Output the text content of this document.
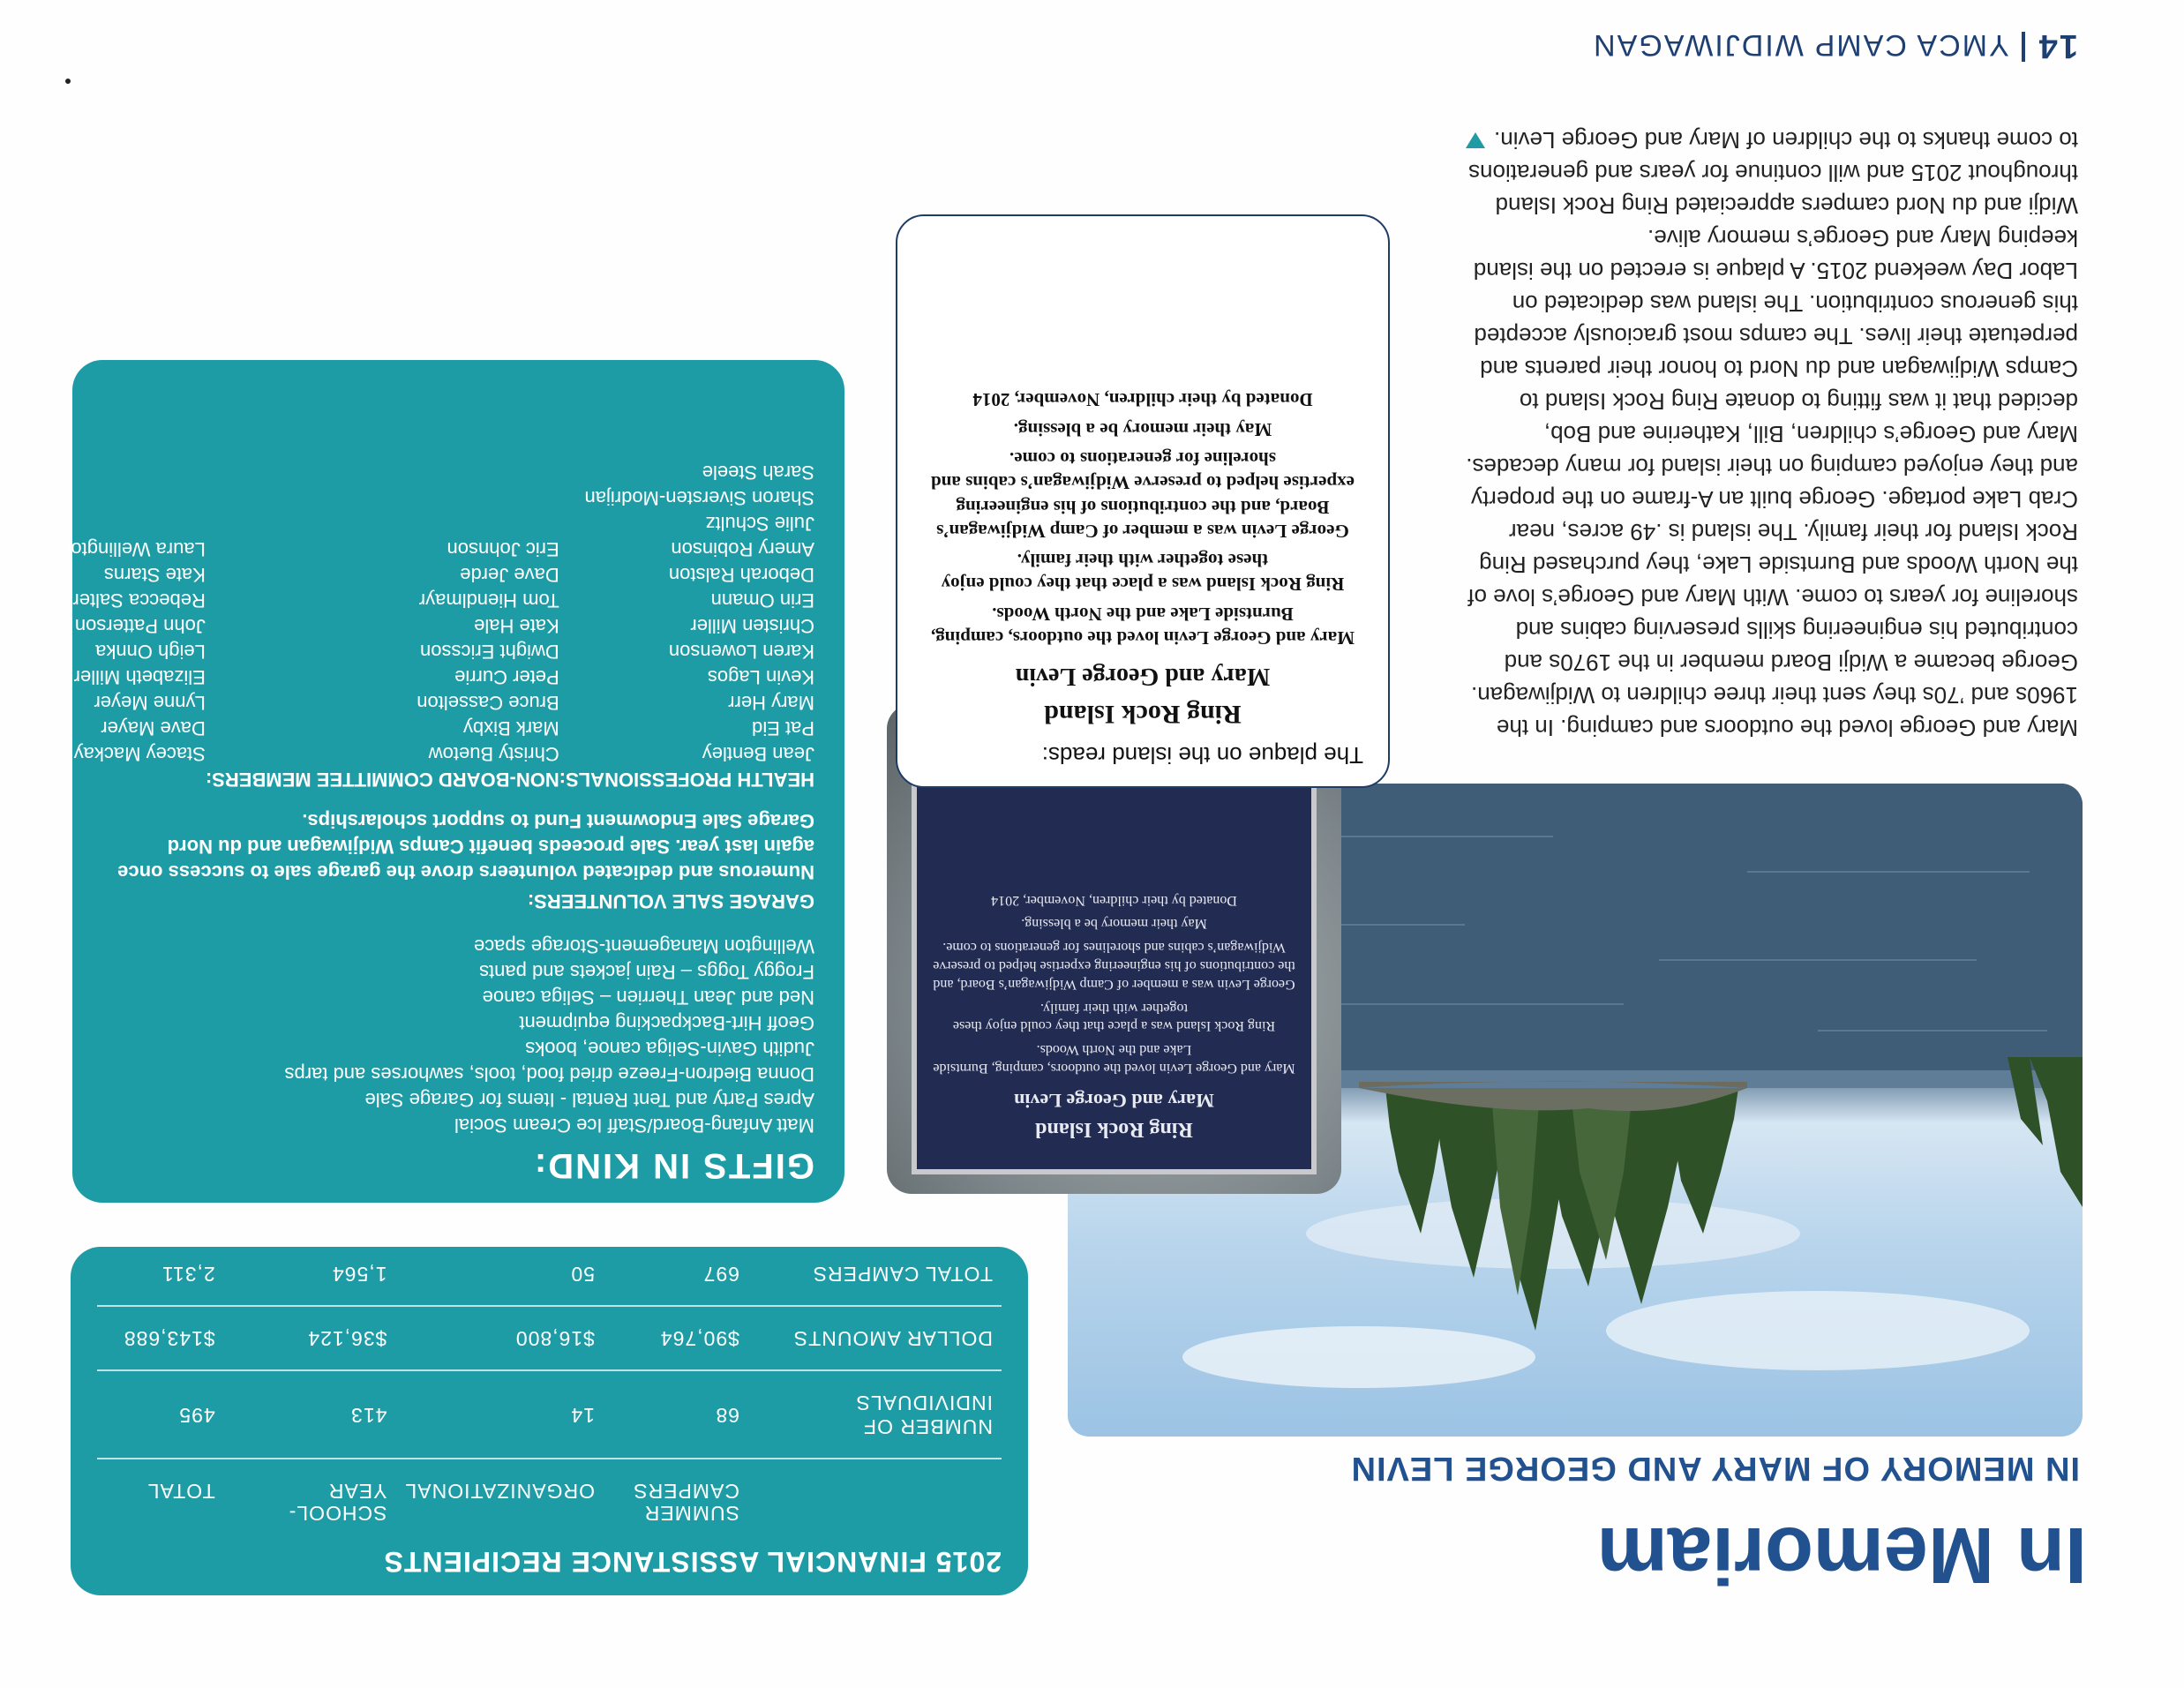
14YMCA CAMP WIDJIWAGAN
In Memoriam
IN MEMORY OF MARY AND GEORGE LEVIN
Ring Rock Island
Mary and George Levin

Mary and George Levin loved the outdoors, camping, Burntside Lake and the North Woods.

Ring Rock Island was a place that they could enjoy these together with their family.

George Levin was a member of Camp Widjiwagan’s Board, and the contributions of his engineering expertise helped to preserve Widjiwagan’s cabins and shorelines for generations to come.

May their memory be a blessing.

Donated by their children, November, 2014

The plaque on the island reads:
Ring Rock Island
Mary and George Levin

Mary and George Levin loved the outdoors, camping, Burntside Lake and the North Woods.

Ring Rock Island was a place that they could enjoy these together with their family.

George Levin was a member of Camp Widjiwagan’s Board, and the contributions of his engineering expertise helped to preserve Widjiwagan’s cabins and shoreline for generations to come.

May their memory be a blessing.

Donated by their children, November, 2014

Mary and George loved the outdoors and camping. In the 1960s and ’70s they sent their three children to Widjiwagan. George became a Widji Board member in the 1970s and contributed his engineering skills preserving cabins and shoreline for years to come. With Mary and George’s love of the North Woods and Burntside Lake, they purchased Ring Rock Island for their family. The island is .49 acres, near Crab Lake portage. George built an A-frame on the property and they enjoyed camping on their island for many decades.

Mary and George’s children, Bill, Katherine and Bob, decided that it was fitting to donate Ring Rock Island to Camps Widjiwagan and du Nord to honor their parents and perpetuate their lives. The camps most graciously accepted this generous contribution. The island was dedicated on Labor Day weekend 2015. A plaque is erected on the island keeping Mary and George’s memory alive.

Widji and du Nord campers appreciated Ring Rock Island throughout 2015 and will continue for years and generations to come thanks to the children of Mary and George Levin.

2015 FINANCIAL ASSISTANCE RECIPIENTS
	SUMMER CAMPERS	ORGANIZATIONAL	SCHOOL-YEAR	TOTAL
NUMBER OF INDIVIDUALS	68	14	413	495
DOLLAR AMOUNTS	$90,764	$16,800	$36,124	$143,688
TOTAL CAMPERS	697	50	1,564	2,311
GIFTS IN KIND:
Matt Anfang-Board/Staff Ice Cream Social
Apres Party and Tent Rental - Items for Garage Sale
Donna Biedron-Freeze dried food, tools, sawhorses and tarps
Judith Gavin-Seliga canoe, books
Geoff Hirt-Backpacking equipment
Ned and Jean Therrien – Seliga canoe
Froggy Toggs – Rain jackets and pants
Wellington Management-Storage space
GARAGE SALE VOLUNTEERS:
Numerous and dedicated volunteers drove the garage sale to success once again last year. Sale proceeds benefit Camps Widjiwagan and du Nord Garage Sale Endowment Fund to support scholarships.
HEALTH PROFESSIONALS:
Jean Bentley
Pat Eid
Mary Herr
Kevin Lagos
Karen Lowenson
Christen Miller
Erin Omann
Deborah Ralston
Amery Robinson
Julie Schultz
Sharon Siversten-Modrijan
Sarah Steele
NON-BOARD COMMITTEE MEMBERS:
Christy Buetow
Mark Bixby
Bruce Casselton
Peter Currie
Dwight Ericsson
Kate Hale
Tom Hiendlmayr
Dave Jerde
Eric Johnson

Stacey Mackay
Dave Mayer
Lynne Meyer
Elizabeth Miller
Leigh Onnka
John Patterson
Rebecca Salter
Kate Starns
Laura Wellington
